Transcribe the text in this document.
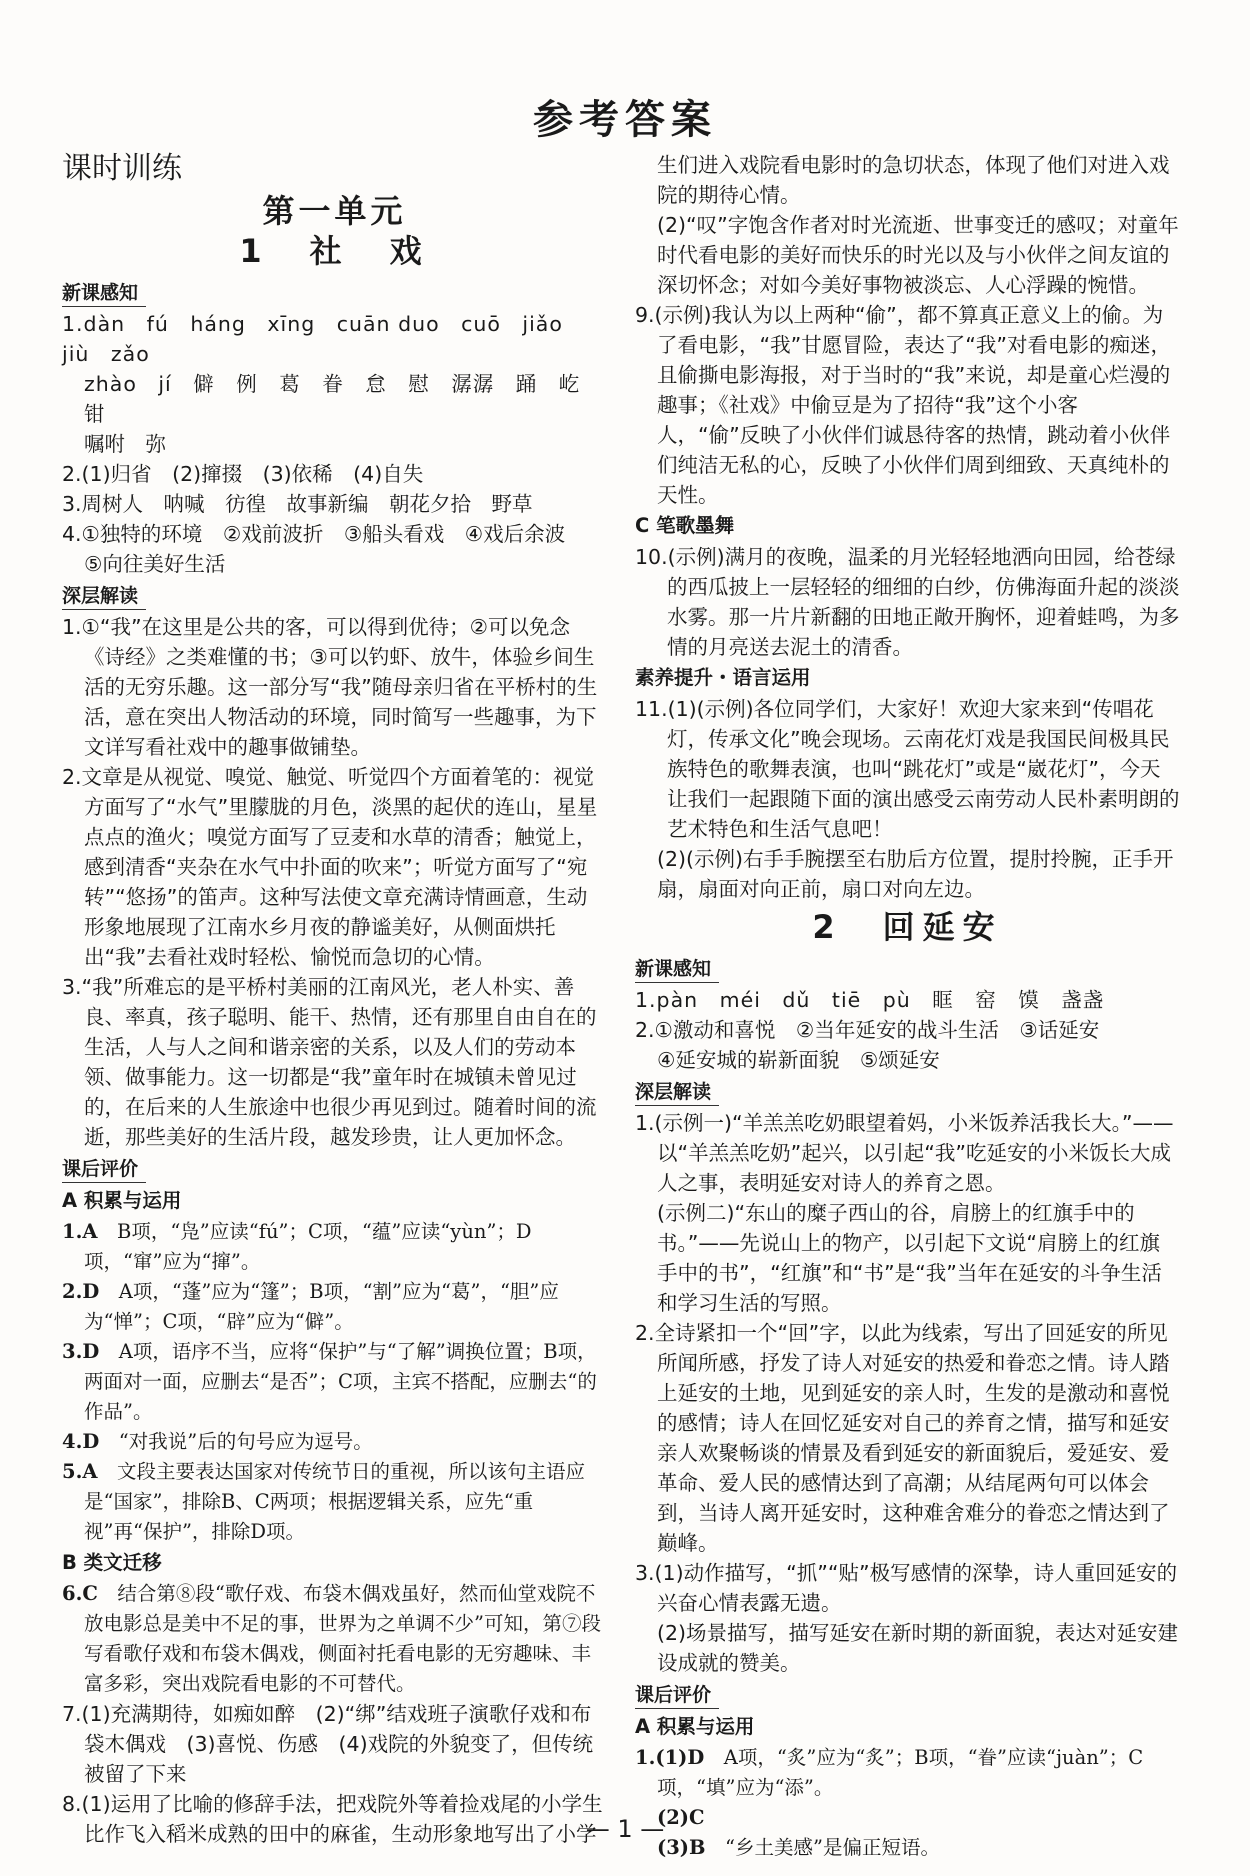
参考答案
课时训练
第一单元
1　社　戏
新课感知

1.dàn　fú　háng　xīng　cuān duo　cuō　jiǎo　jiù　zǎo

zhào　jí　僻　例　葛　眷　怠　慰　潺潺　踊　屹　钳

嘱咐　弥

2.(1)归省　(2)撺掇　(3)依稀　(4)自失

3.周树人　呐喊　彷徨　故事新编　朝花夕拾　野草

4.①独特的环境　②戏前波折　③船头看戏　④戏后余波

⑤向往美好生活

深层解读

1.①“我”在这里是公共的客，可以得到优待；②可以免念《诗经》之类难懂的书；③可以钓虾、放牛，体验乡间生活的无穷乐趣。这一部分写“我”随母亲归省在平桥村的生活，意在突出人物活动的环境，同时简写一些趣事，为下文详写看社戏中的趣事做铺垫。

2.文章是从视觉、嗅觉、触觉、听觉四个方面着笔的：视觉方面写了“水气”里朦胧的月色，淡黑的起伏的连山，星星点点的渔火；嗅觉方面写了豆麦和水草的清香；触觉上，感到清香“夹杂在水气中扑面的吹来”；听觉方面写了“宛转”“悠扬”的笛声。这种写法使文章充满诗情画意，生动形象地展现了江南水乡月夜的静谧美好，从侧面烘托出“我”去看社戏时轻松、愉悦而急切的心情。

3.“我”所难忘的是平桥村美丽的江南风光，老人朴实、善良、率真，孩子聪明、能干、热情，还有那里自由自在的生活，人与人之间和谐亲密的关系，以及人们的劳动本领、做事能力。这一切都是“我”童年时在城镇未曾见过的，在后来的人生旅途中也很少再见到过。随着时间的流逝，那些美好的生活片段，越发珍贵，让人更加怀念。

课后评价
A 积累与运用

1.A　B项，“凫”应读“fú”；C项，“蕴”应读“yùn”；D项，“窜”应为“撺”。

2.D　A项，“蓬”应为“篷”；B项，“割”应为“葛”，“胆”应为“惮”；C项，“辟”应为“僻”。

3.D　A项，语序不当，应将“保护”与“了解”调换位置；B项，两面对一面，应删去“是否”；C项，主宾不搭配，应删去“的作品”。

4.D　“对我说”后的句号应为逗号。

5.A　文段主要表达国家对传统节日的重视，所以该句主语应是“国家”，排除B、C两项；根据逻辑关系，应先“重视”再“保护”，排除D项。

B 类文迁移

6.C　结合第⑧段“歌仔戏、布袋木偶戏虽好，然而仙堂戏院不放电影总是美中不足的事，世界为之单调不少”可知，第⑦段写看歌仔戏和布袋木偶戏，侧面衬托看电影的无穷趣味、丰富多彩，突出戏院看电影的不可替代。

7.(1)充满期待，如痴如醉　(2)“绑”结戏班子演歌仔戏和布袋木偶戏　(3)喜悦、伤感　(4)戏院的外貌变了，但传统被留了下来

8.(1)运用了比喻的修辞手法，把戏院外等着捡戏尾的小学生比作飞入稻米成熟的田中的麻雀，生动形象地写出了小学

生们进入戏院看电影时的急切状态，体现了他们对进入戏院的期待心情。

(2)“叹”字饱含作者对时光流逝、世事变迁的感叹；对童年时代看电影的美好而快乐的时光以及与小伙伴之间友谊的深切怀念；对如今美好事物被淡忘、人心浮躁的惋惜。

9.(示例)我认为以上两种“偷”，都不算真正意义上的偷。为了看电影，“我”甘愿冒险，表达了“我”对看电影的痴迷，且偷撕电影海报，对于当时的“我”来说，却是童心烂漫的趣事；《社戏》中偷豆是为了招待“我”这个小客人，“偷”反映了小伙伴们诚恳待客的热情，跳动着小伙伴们纯洁无私的心，反映了小伙伴们周到细致、天真纯朴的天性。

C 笔歌墨舞

10.(示例)满月的夜晚，温柔的月光轻轻地洒向田园，给苍绿的西瓜披上一层轻轻的细细的白纱，仿佛海面升起的淡淡水雾。那一片片新翻的田地正敞开胸怀，迎着蛙鸣，为多情的月亮送去泥土的清香。

素养提升・语言运用

11.(1)(示例)各位同学们，大家好！欢迎大家来到“传唱花灯，传承文化”晚会现场。云南花灯戏是我国民间极具民族特色的歌舞表演，也叫“跳花灯”或是“崴花灯”，今天让我们一起跟随下面的演出感受云南劳动人民朴素明朗的艺术特色和生活气息吧！

(2)(示例)右手手腕摆至右肋后方位置，提肘拎腕，正手开扇，扇面对向正前，扇口对向左边。

2　回延安
新课感知

1.pàn　méi　dǔ　tiē　pù　眶　窑　馍　盏盏

2.①激动和喜悦　②当年延安的战斗生活　③话延安

④延安城的崭新面貌　⑤颂延安

深层解读

1.(示例一)“羊羔羔吃奶眼望着妈，小米饭养活我长大。”——以“羊羔羔吃奶”起兴，以引起“我”吃延安的小米饭长大成人之事，表明延安对诗人的养育之恩。

(示例二)“东山的糜子西山的谷，肩膀上的红旗手中的书。”——先说山上的物产，以引起下文说“肩膀上的红旗手中的书”，“红旗”和“书”是“我”当年在延安的斗争生活和学习生活的写照。

2.全诗紧扣一个“回”字，以此为线索，写出了回延安的所见所闻所感，抒发了诗人对延安的热爱和眷恋之情。诗人踏上延安的土地，见到延安的亲人时，生发的是激动和喜悦的感情；诗人在回忆延安对自己的养育之情，描写和延安亲人欢聚畅谈的情景及看到延安的新面貌后，爱延安、爱革命、爱人民的感情达到了高潮；从结尾两句可以体会到，当诗人离开延安时，这种难舍难分的眷恋之情达到了巅峰。

3.(1)动作描写，“抓”“贴”极写感情的深挚，诗人重回延安的兴奋心情表露无遗。

(2)场景描写，描写延安在新时期的新面貌，表达对延安建设成就的赞美。

课后评价
A 积累与运用

1.(1)D　A项，“炙”应为“炙”；B项，“眷”应读“juàn”；C项，“填”应为“添”。

(2)C

(3)B　“乡土美感”是偏正短语。

— 1 —
